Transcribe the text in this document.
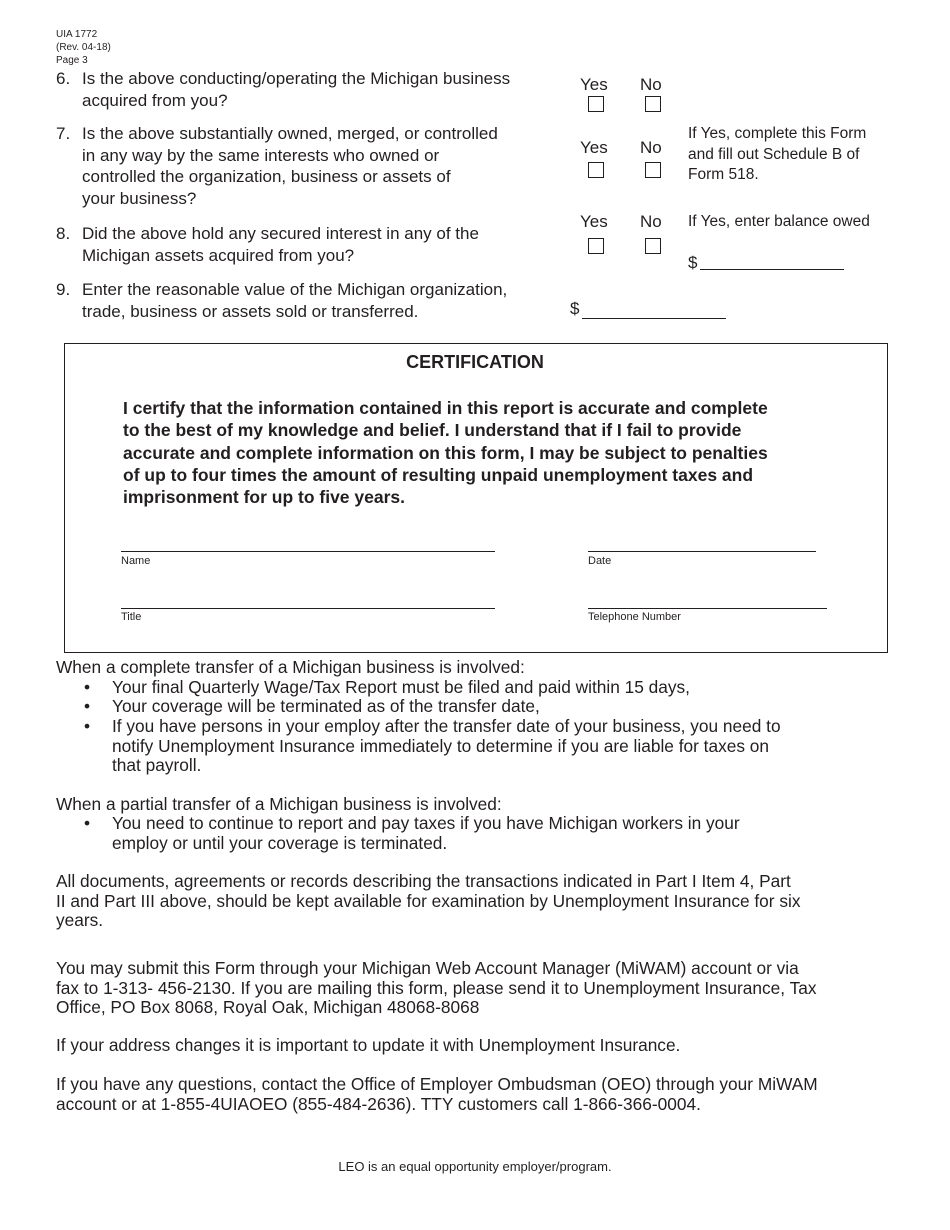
UIA 1772
(Rev. 04-18)
Page 3
6. Is the above conducting/operating the Michigan business
acquired from you?
Yes No
7. Is the above substantially owned, merged, or controlled
in any way by the same interests who owned or
controlled the organization, business or assets of
your business?
Yes No
If Yes, complete this Form
and fill out Schedule B of
Form 518.
8. Did the above hold any secured interest in any of the
Michigan assets acquired from you?
Yes No If Yes, enter balance owed
$
9. Enter the reasonable value of the Michigan organization,
trade, business or assets sold or transferred.	$
CERTIFICATION
I certify that the information contained in this report is accurate and complete
to the best of my knowledge and belief. I understand that if I fail to provide
accurate and complete information on this form, I may be subject to penalties
of up to four times the amount of resulting unpaid unemployment taxes and
imprisonment for up to five years.
Name	Date
Title	Telephone Number
When a complete transfer of a Michigan business is involved:
• Your final Quarterly Wage/Tax Report must be filed and paid within 15 days,
• Your coverage will be terminated as of the transfer date,
• If you have persons in your employ after the transfer date of your business, you need to
notify Unemployment Insurance immediately to determine if you are liable for taxes on
that payroll.
When a partial transfer of a Michigan business is involved:
• You need to continue to report and pay taxes if you have Michigan workers in your
employ or until your coverage is terminated.
All documents, agreements or records describing the transactions indicated in Part I Item 4, Part
II and Part III above, should be kept available for examination by Unemployment Insurance for six
years.
You may submit this Form through your Michigan Web Account Manager (MiWAM) account or via
fax to 1-313- 456-2130. If you are mailing this form, please send it to Unemployment Insurance, Tax
Office, PO Box 8068, Royal Oak, Michigan 48068-8068
If your address changes it is important to update it with Unemployment Insurance.
If you have any questions, contact the Office of Employer Ombudsman (OEO) through your MiWAM
account or at 1-855-4UIAOEO (855-484-2636). TTY customers call 1-866-366-0004.
LEO is an equal opportunity employer/program.
